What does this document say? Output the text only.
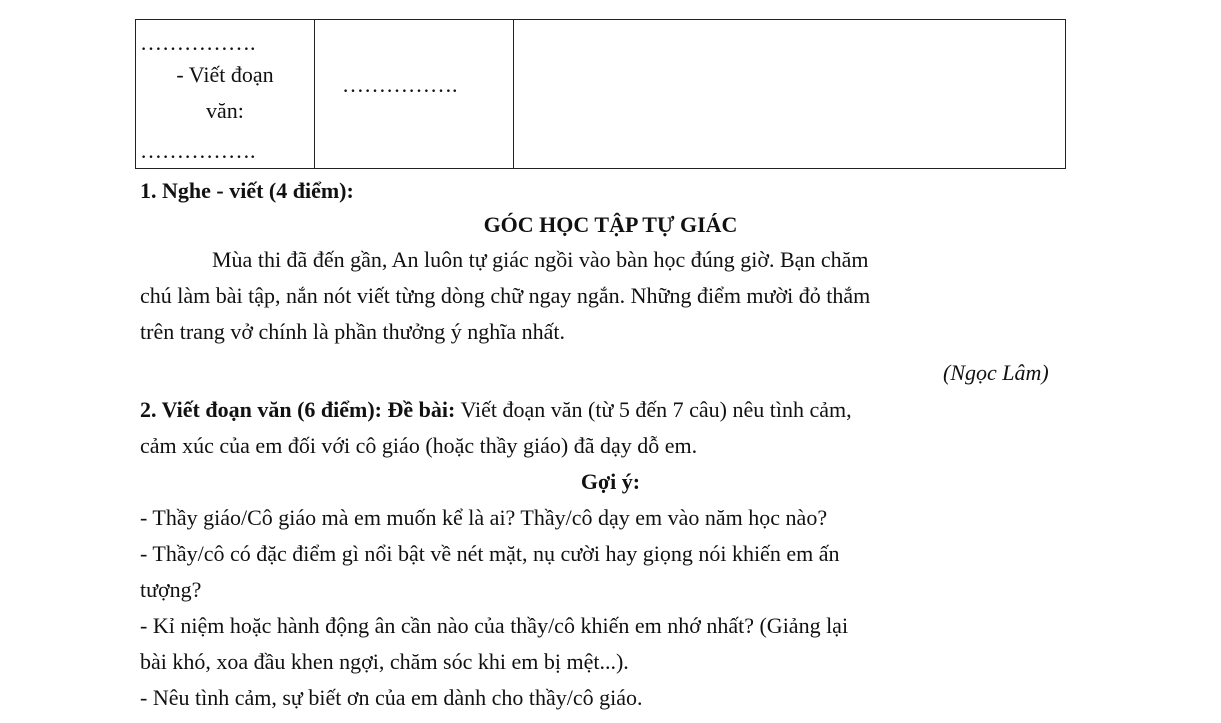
…………….
- Viết đoạn
văn:
…………….
…………….
1. Nghe - viết (4 điểm):
GÓC HỌC TẬP TỰ GIÁC
Mùa thi đã đến gần, An luôn tự giác ngồi vào bàn học đúng giờ. Bạn chăm
chú làm bài tập, nắn nót viết từng dòng chữ ngay ngắn. Những điểm mười đỏ thắm
trên trang vở chính là phần thưởng ý nghĩa nhất.
(Ngọc Lâm)
2. Viết đoạn văn (6 điểm): Đề bài: Viết đoạn văn (từ 5 đến 7 câu) nêu tình cảm,
cảm xúc của em đối với cô giáo (hoặc thầy giáo) đã dạy dỗ em.
Gợi ý:
- Thầy giáo/Cô giáo mà em muốn kể là ai? Thầy/cô dạy em vào năm học nào?
- Thầy/cô có đặc điểm gì nổi bật về nét mặt, nụ cười hay giọng nói khiến em ấn
tượng?
- Kỉ niệm hoặc hành động ân cần nào của thầy/cô khiến em nhớ nhất? (Giảng lại
bài khó, xoa đầu khen ngợi, chăm sóc khi em bị mệt...).
- Nêu tình cảm, sự biết ơn của em dành cho thầy/cô giáo.
